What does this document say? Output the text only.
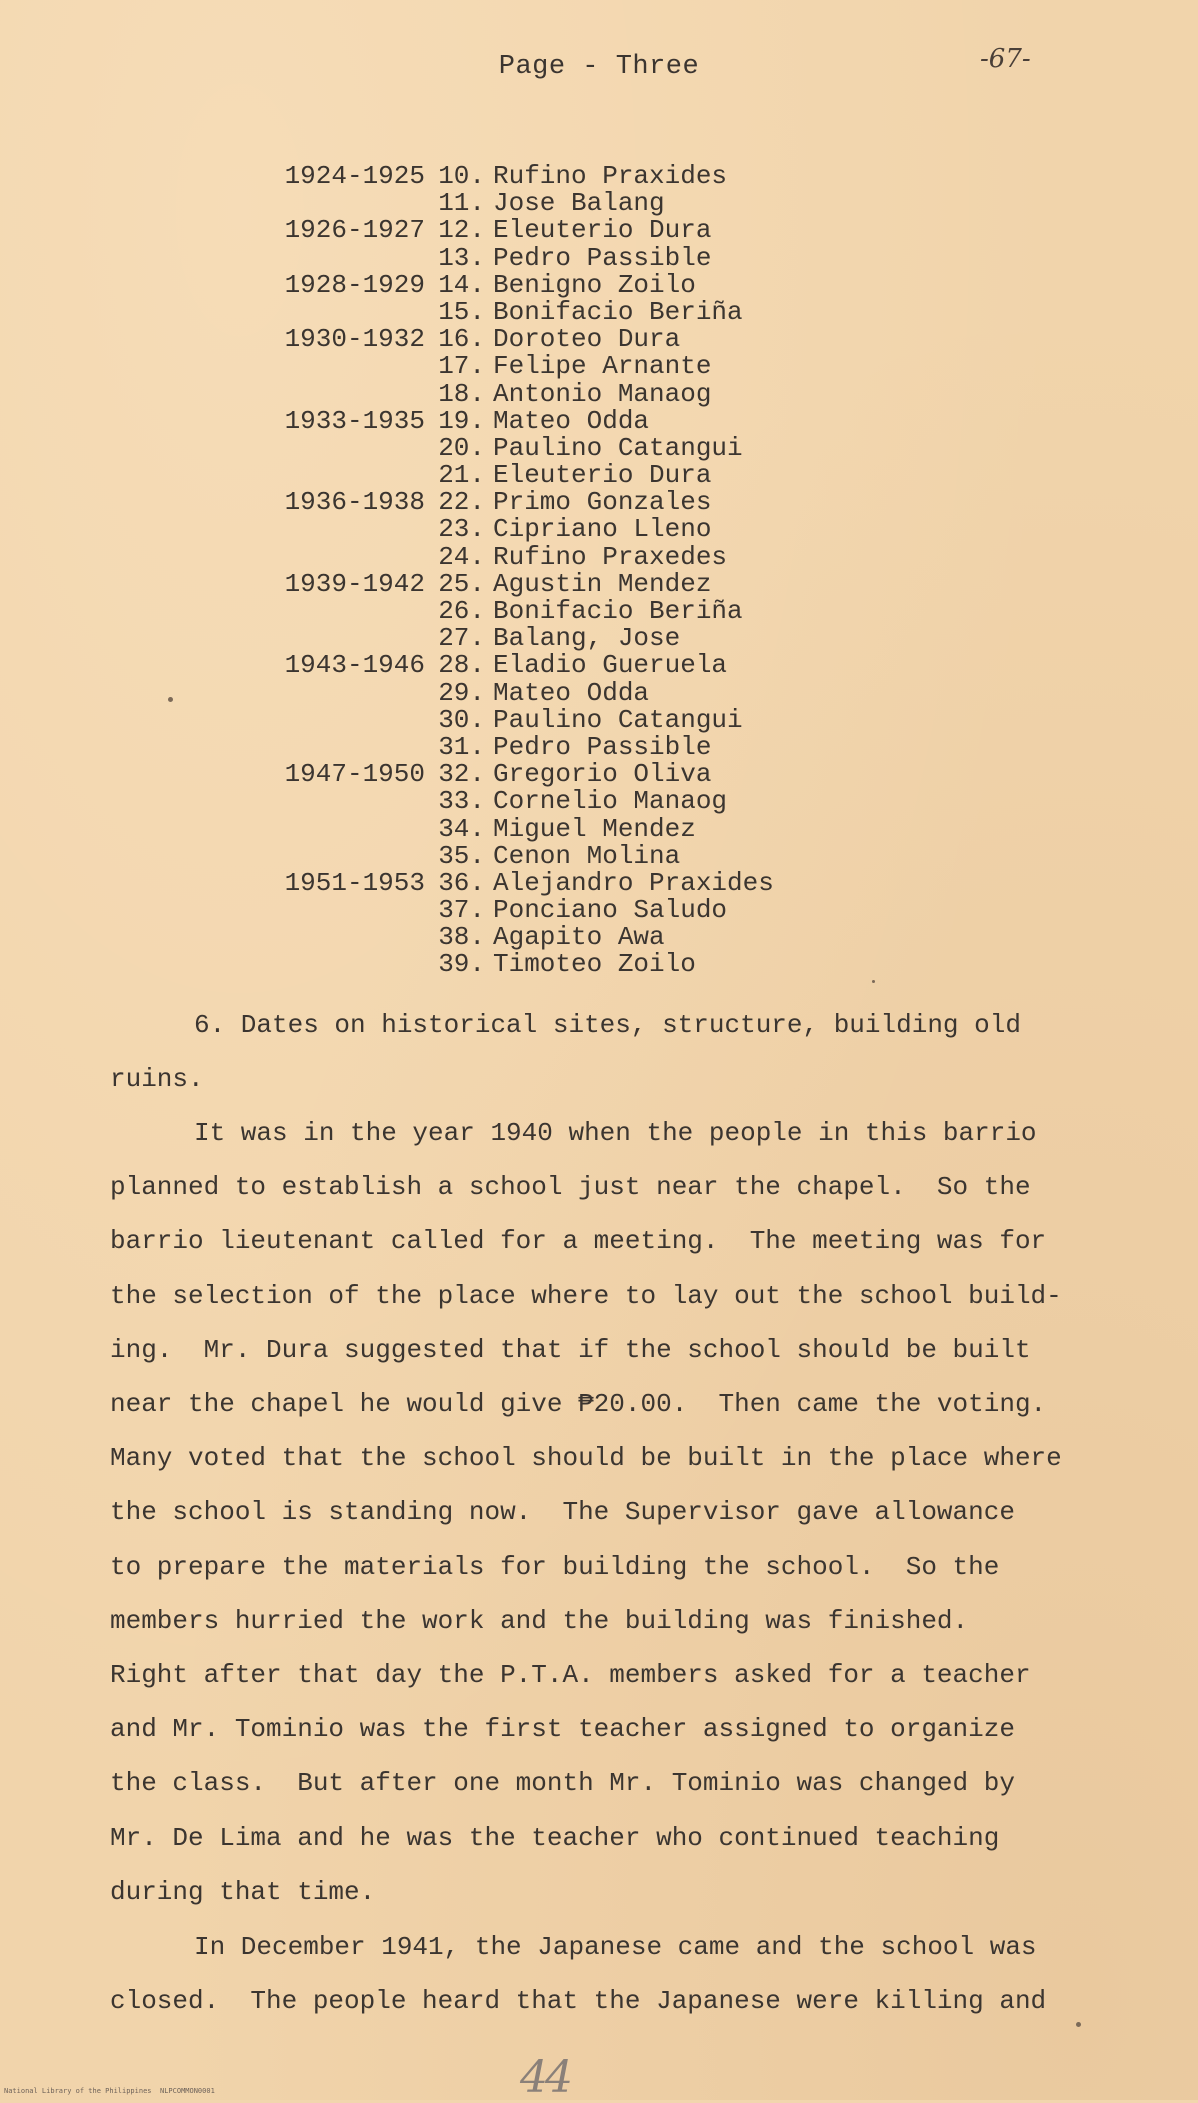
Page - Three	-67-
1924-1925 10. Rufino Praxides
11. Jose Balang
1926-1927 12. Eleuterio Dura
13. Pedro Passible
1928-1929 14. Benigno Zoilo
15. Bonifacio Beriña
1930-1932 16. Doroteo Dura
17. Felipe Arnante
18. Antonio Manaog
1933-1935 19. Mateo Odda
20. Paulino Catangui
21. Eleuterio Dura
1936-1938 22. Primo Gonzales
23. Cipriano Lleno
24. Rufino Praxedes
1939-1942 25. Agustin Mendez
26. Bonifacio Beriña
27. Balang, Jose
1943-1946 28. Eladio Gueruela
29. Mateo Odda
30. Paulino Catangui
31. Pedro Passible
1947-1950 32. Gregorio Oliva
33. Cornelio Manaog
34. Miguel Mendez
35. Cenon Molina
1951-1953 36. Alejandro Praxides
37. Ponciano Saludo
38. Agapito Awa
39. Timoteo Zoilo
6. Dates on historical sites, structure, building old
ruins.
It was in the year 1940 when the people in this barrio
planned to establish a school just near the chapel.  So the
barrio lieutenant called for a meeting.  The meeting was for
the selection of the place where to lay out the school build-
ing.  Mr. Dura suggested that if the school should be built
near the chapel he would give ₱20.00.  Then came the voting.
Many voted that the school should be built in the place where
the school is standing now.  The Supervisor gave allowance
to prepare the materials for building the school.  So the
members hurried the work and the building was finished.
Right after that day the P.T.A. members asked for a teacher
and Mr. Tominio was the first teacher assigned to organize
the class.  But after one month Mr. Tominio was changed by
Mr. De Lima and he was the teacher who continued teaching
during that time.
In December 1941, the Japanese came and the school was
closed.  The people heard that the Japanese were killing and
National Library of the Philippines NLPCOMMON0001	44
